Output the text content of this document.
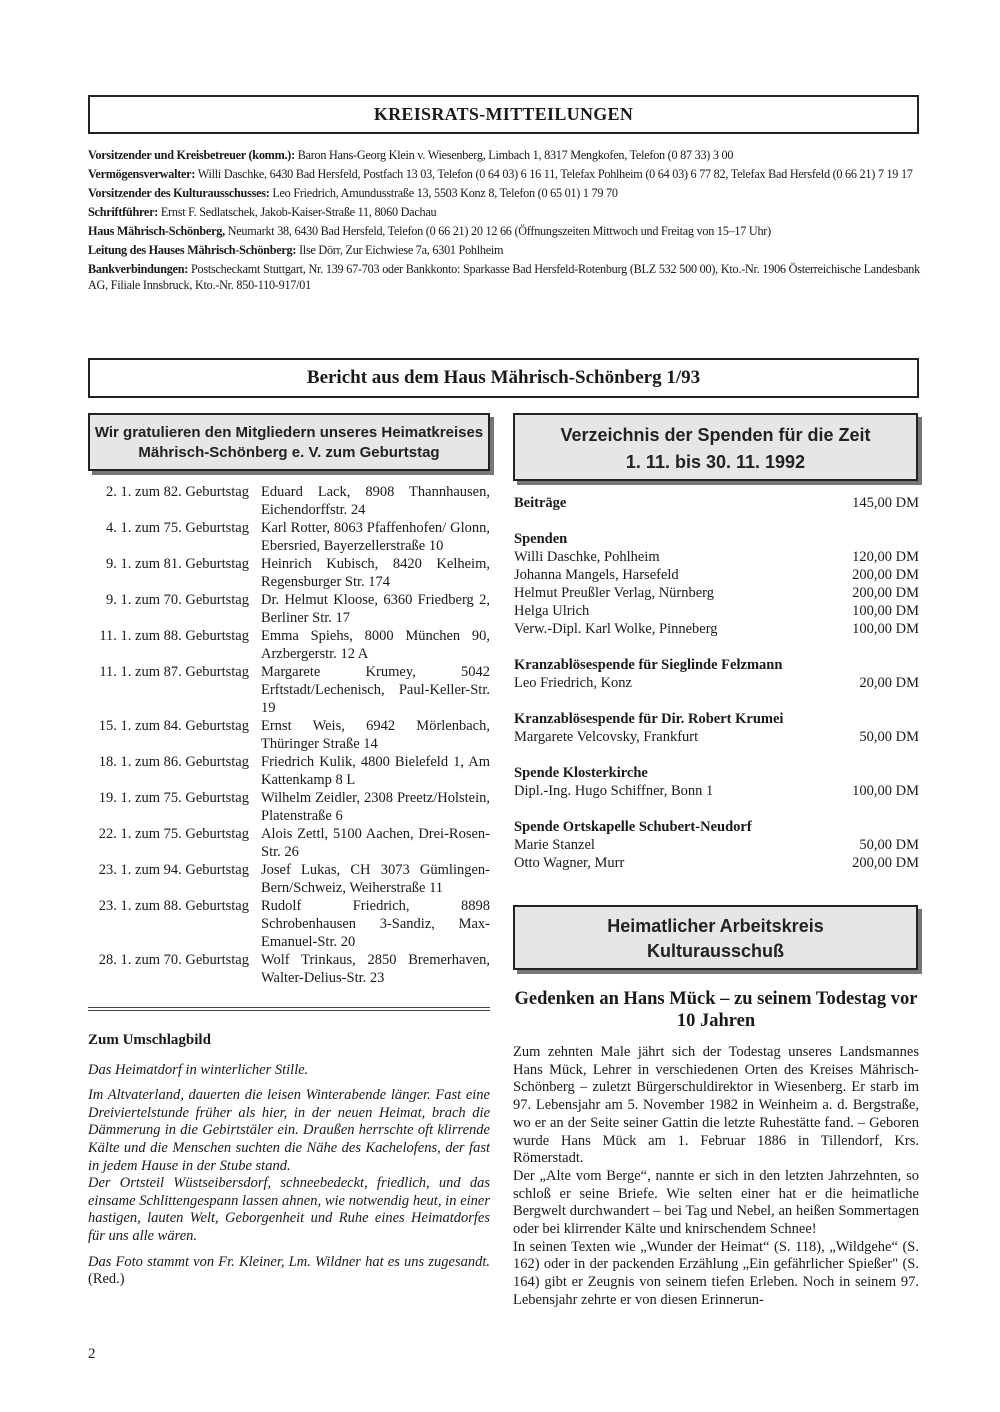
KREISRATS-MITTEILUNGEN

Vorsitzender und Kreisbetreuer (komm.): Baron Hans-Georg Klein v. Wiesenberg, Limbach 1, 8317 Mengkofen, Telefon (0 87 33) 3 00

Vermögensverwalter: Willi Daschke, 6430 Bad Hersfeld, Postfach 13 03, Telefon (0 64 03) 6 16 11, Telefax Pohlheim (0 64 03) 6 77 82, Telefax Bad Hersfeld (0 66 21) 7 19 17

Vorsitzender des Kulturausschusses: Leo Friedrich, Amundusstraße 13, 5503 Konz 8, Telefon (0 65 01) 1 79 70

Schriftführer: Ernst F. Sedlatschek, Jakob-Kaiser-Straße 11, 8060 Dachau

Haus Mährisch-Schönberg, Neumarkt 38, 6430 Bad Hersfeld, Telefon (0 66 21) 20 12 66 (Öffnungszeiten Mittwoch und Freitag von 15–17 Uhr)

Leitung des Hauses Mährisch-Schönberg: Ilse Dörr, Zur Eichwiese 7a, 6301 Pohlheim

Bankverbindungen: Postscheckamt Stuttgart, Nr. 139 67-703 oder Bankkonto: Sparkasse Bad Hersfeld-Rotenburg (BLZ 532 500 00), Kto.-Nr. 1906 Österreichische Landesbank AG, Filiale Innsbruck, Kto.-Nr. 850-110-917/01

Bericht aus dem Haus Mährisch-Schönberg 1/93
Wir gratulieren den Mitgliedern unseres Heimatkreises
Mährisch-Schönberg e. V. zum Geburtstag
2. 1. zum 82. Geburtstag Eduard Lack, 8908 Thannhausen, Eichendorffstr. 24
4. 1. zum 75. Geburtstag Karl Rotter, 8063 Pfaffenhofen/ Glonn, Ebersried, Bayerzellerstraße 10
9. 1. zum 81. Geburtstag Heinrich Kubisch, 8420 Kelheim, Regensburger Str. 174
9. 1. zum 70. Geburtstag Dr. Helmut Kloose, 6360 Friedberg 2, Berliner Str. 17
11. 1. zum 88. Geburtstag Emma Spiehs, 8000 München 90, Arzbergerstr. 12 A
11. 1. zum 87. Geburtstag Margarete Krumey, 5042 Erftstadt/Lechenisch, Paul-Keller-Str. 19
15. 1. zum 84. Geburtstag Ernst Weis, 6942 Mörlenbach, Thüringer Straße 14
18. 1. zum 86. Geburtstag Friedrich Kulik, 4800 Bielefeld 1, Am Kattenkamp 8 L
19. 1. zum 75. Geburtstag Wilhelm Zeidler, 2308 Preetz/Holstein, Platenstraße 6
22. 1. zum 75. Geburtstag Alois Zettl, 5100 Aachen, Drei-Rosen-Str. 26
23. 1. zum 94. Geburtstag Josef Lukas, CH 3073 Gümlingen-Bern/Schweiz, Weiherstraße 11
23. 1. zum 88. Geburtstag Rudolf Friedrich, 8898 Schrobenhausen 3-Sandiz, Max-Emanuel-Str. 20
28. 1. zum 70. Geburtstag Wolf Trinkaus, 2850 Bremerhaven, Walter-Delius-Str. 23
Zum Umschlagbild

Das Heimatdorf in winterlicher Stille.

Im Altvaterland, dauerten die leisen Winterabende länger. Fast eine Dreiviertelstunde früher als hier, in der neuen Heimat, brach die Dämmerung in die Gebirtstäler ein. Draußen herrschte oft klirrende Kälte und die Menschen suchten die Nähe des Kachelofens, der fast in jedem Hause in der Stube stand.

Der Ortsteil Wüstseibersdorf, schneebedeckt, friedlich, und das einsame Schlittengespann lassen ahnen, wie notwendig heut, in einer hastigen, lauten Welt, Geborgenheit und Ruhe eines Heimatdorfes für uns alle wären.

Das Foto stammt von Fr. Kleiner, Lm. Wildner hat es uns zugesandt. (Red.)

Verzeichnis der Spenden für die Zeit
1. 11. bis 30. 11. 1992
Beiträge	145,00 DM
Spenden
Willi Daschke, Pohlheim	120,00 DM
Johanna Mangels, Harsefeld	200,00 DM
Helmut Preußler Verlag, Nürnberg	200,00 DM
Helga Ulrich	100,00 DM
Verw.-Dipl. Karl Wolke, Pinneberg	100,00 DM
Kranzablösespende für Sieglinde Felzmann
Leo Friedrich, Konz	20,00 DM
Kranzablösespende für Dir. Robert Krumei
Margarete Velcovsky, Frankfurt	50,00 DM
Spende Klosterkirche
Dipl.-Ing. Hugo Schiffner, Bonn 1	100,00 DM
Spende Ortskapelle Schubert-Neudorf
Marie Stanzel	50,00 DM
Otto Wagner, Murr	200,00 DM
Heimatlicher Arbeitskreis
Kulturausschuß
Gedenken an Hans Mück – zu seinem Todestag vor 10 Jahren

Zum zehnten Male jährt sich der Todestag unseres Landsmannes Hans Mück, Lehrer in verschiedenen Orten des Kreises Mährisch-Schönberg – zuletzt Bürgerschuldirektor in Wiesenberg. Er starb im 97. Lebensjahr am 5. November 1982 in Weinheim a. d. Bergstraße, wo er an der Seite seiner Gattin die letzte Ruhestätte fand. – Geboren wurde Hans Mück am 1. Februar 1886 in Tillendorf, Krs. Römerstadt.

Der „Alte vom Berge“, nannte er sich in den letzten Jahrzehnten, so schloß er seine Briefe. Wie selten einer hat er die heimatliche Bergwelt durchwandert – bei Tag und Nebel, an heißen Sommertagen oder bei klirrender Kälte und knirschendem Schnee!

In seinen Texten wie „Wunder der Heimat“ (S. 118), „Wildgehe“ (S. 162) oder in der packenden Erzählung „Ein gefährlicher Spießer" (S. 164) gibt er Zeugnis von seinem tiefen Erleben. Noch in seinem 97. Lebensjahr zehrte er von diesen Erinnerun-

2
